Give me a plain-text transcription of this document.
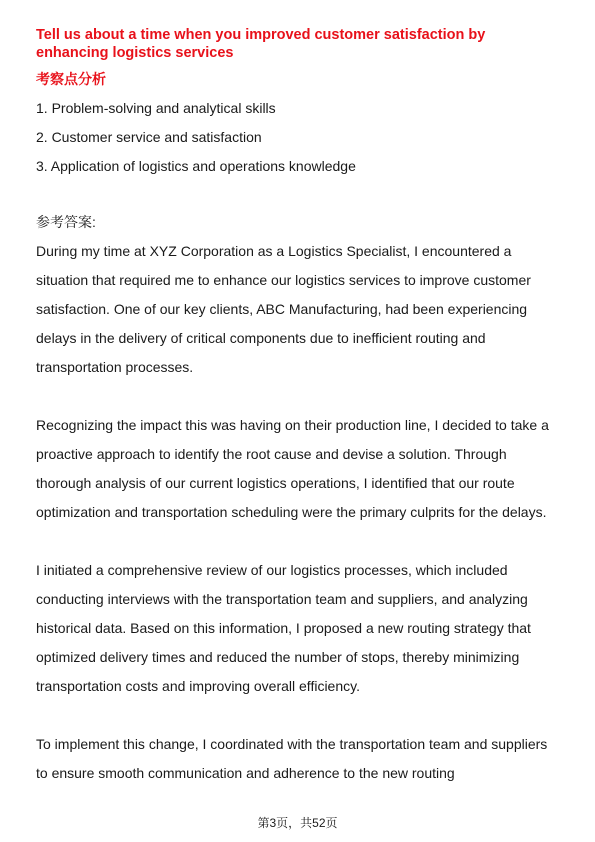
Tell us about a time when you improved customer satisfaction by enhancing logistics services
考察点分析
1. Problem-solving and analytical skills
2. Customer service and satisfaction
3. Application of logistics and operations knowledge
参考答案:

During my time at XYZ Corporation as a Logistics Specialist, I encountered a situation that required me to enhance our logistics services to improve customer satisfaction. One of our key clients, ABC Manufacturing, had been experiencing delays in the delivery of critical components due to inefficient routing and transportation processes.

Recognizing the impact this was having on their production line, I decided to take a proactive approach to identify the root cause and devise a solution. Through thorough analysis of our current logistics operations, I identified that our route optimization and transportation scheduling were the primary culprits for the delays.

I initiated a comprehensive review of our logistics processes, which included conducting interviews with the transportation team and suppliers, and analyzing historical data. Based on this information, I proposed a new routing strategy that optimized delivery times and reduced the number of stops, thereby minimizing transportation costs and improving overall efficiency.

To implement this change, I coordinated with the transportation team and suppliers to ensure smooth communication and adherence to the new routing

第3页，共52页
